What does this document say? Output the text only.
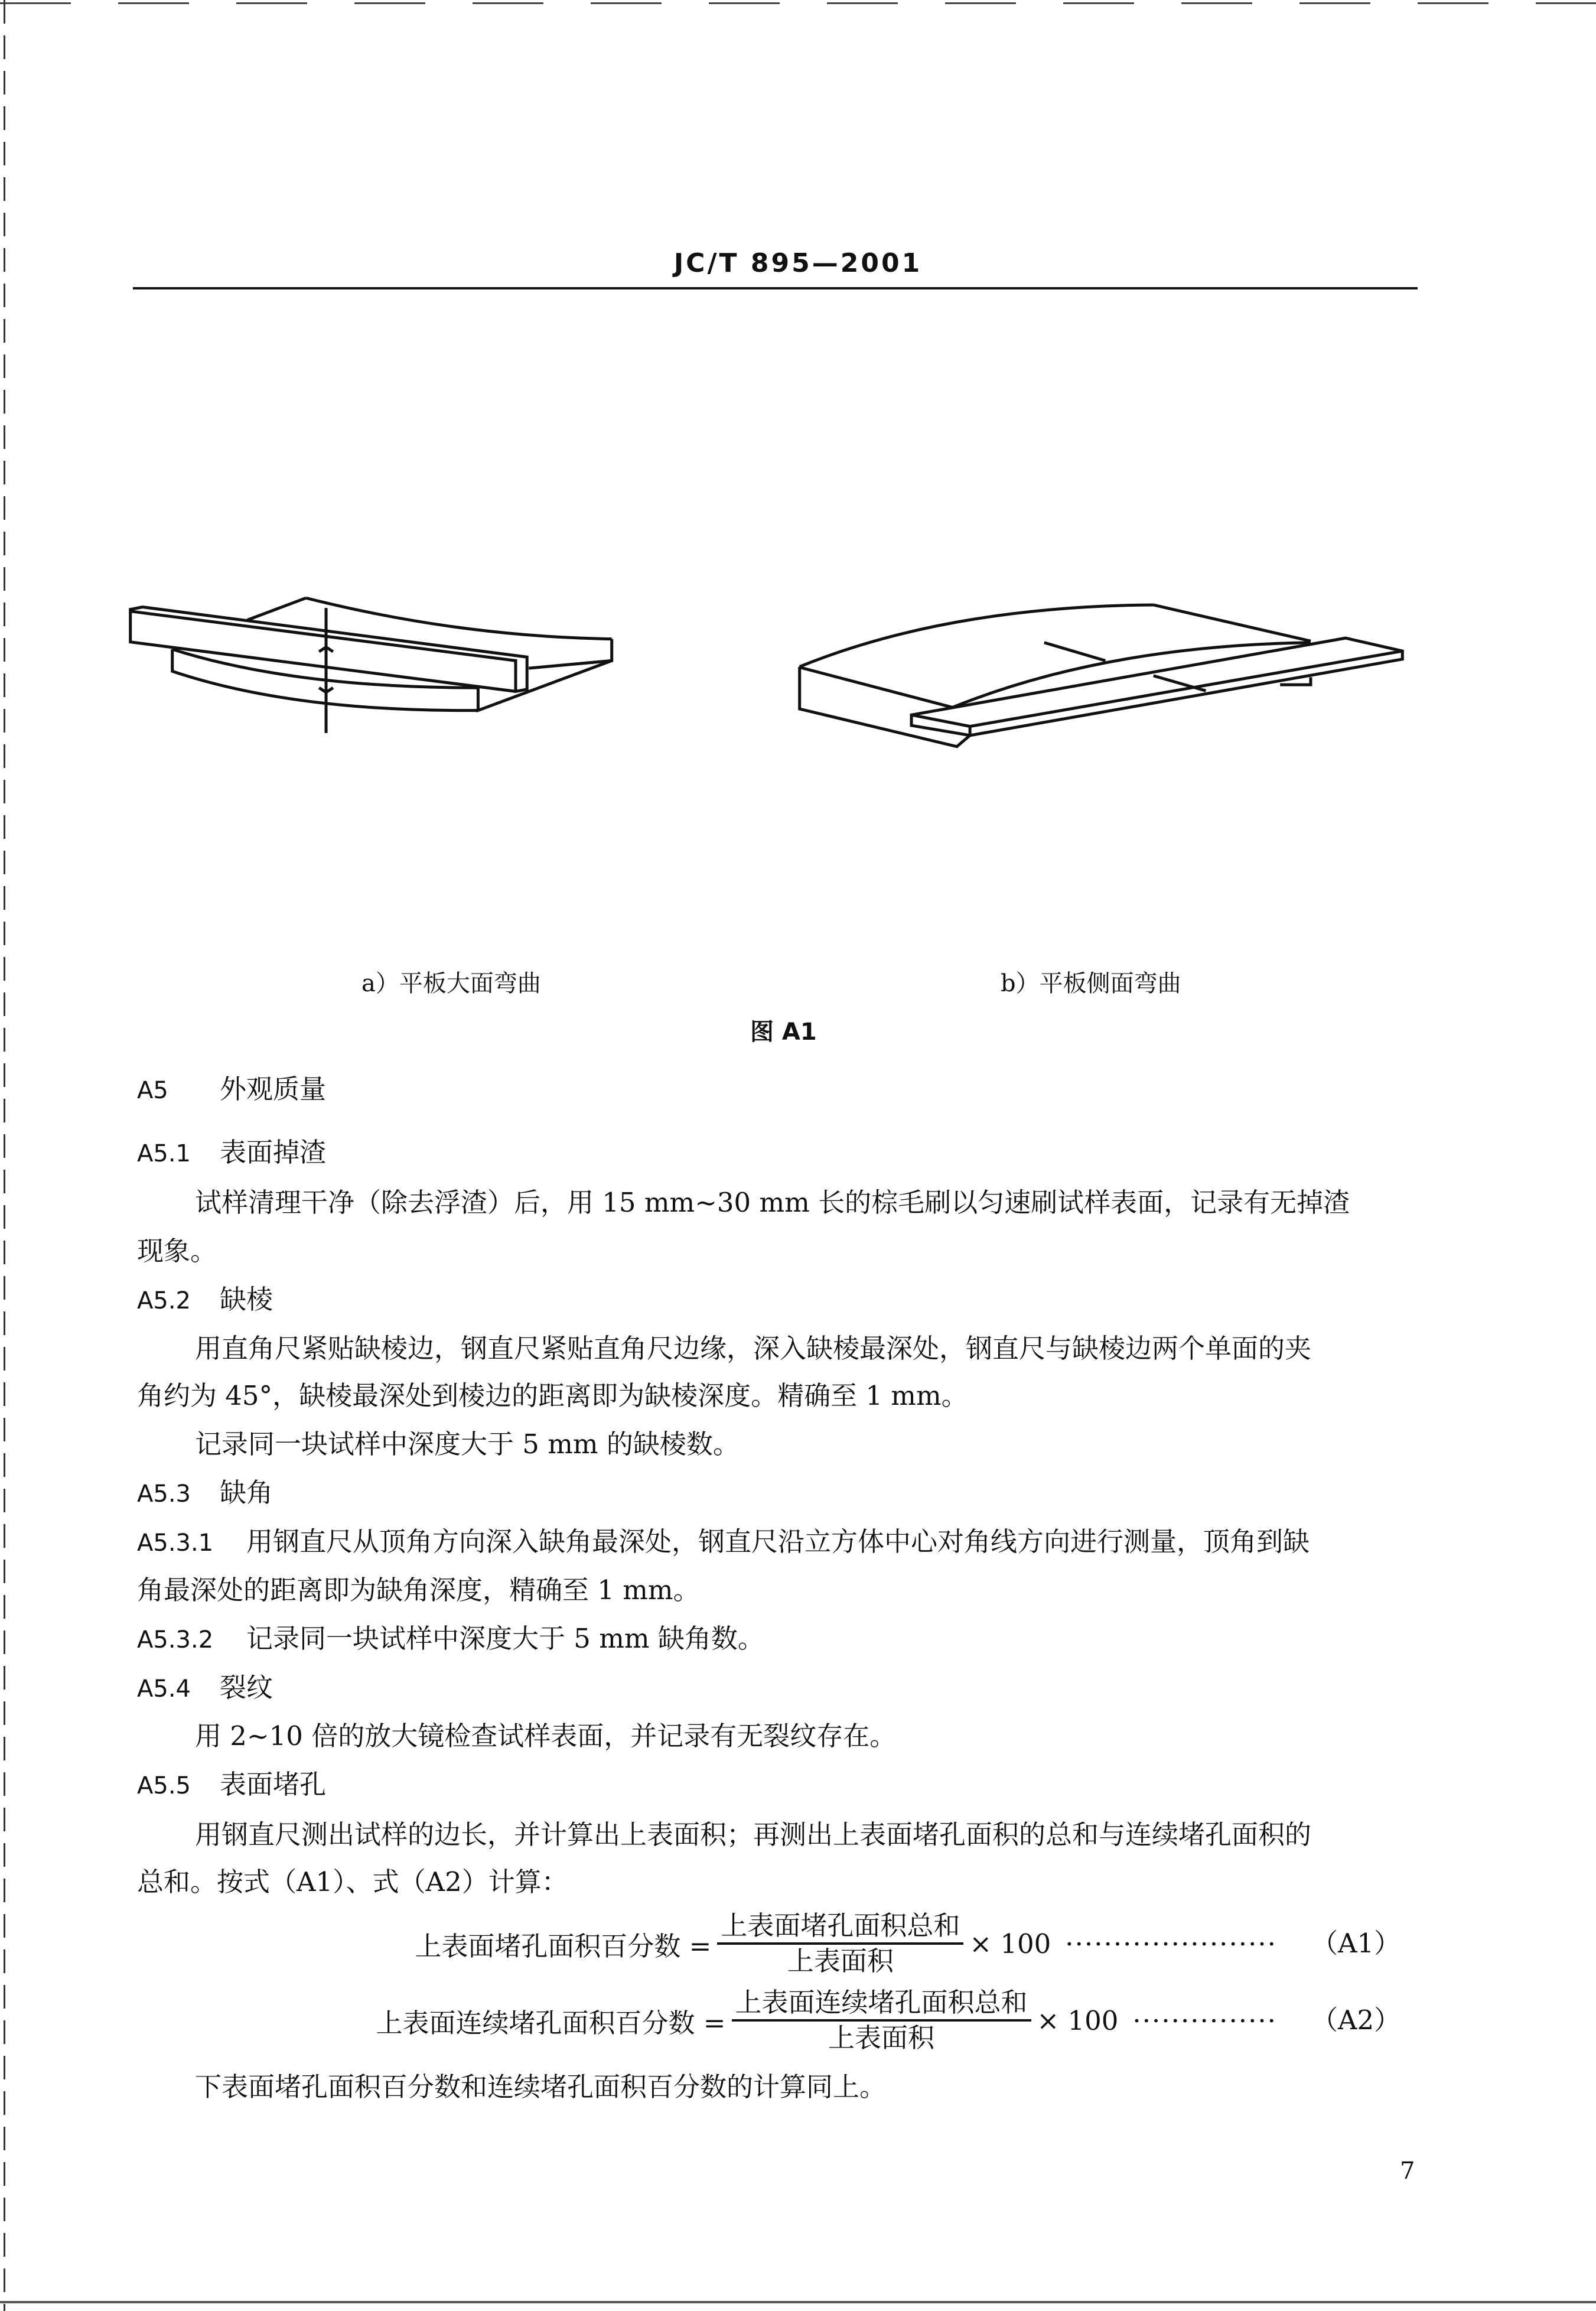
JC/T 895—2001
a）平板大面弯曲	b）平板侧面弯曲
图 A1
A5 外观质量
A5.1 表面掉渣
试样清理干净（除去浮渣）后，用 15 mm~30 mm 长的棕毛刷以匀速刷试样表面，记录有无掉渣
现象。
A5.2 缺棱
用直角尺紧贴缺棱边，钢直尺紧贴直角尺边缘，深入缺棱最深处，钢直尺与缺棱边两个单面的夹
角约为 45°，缺棱最深处到棱边的距离即为缺棱深度。精确至 1 mm。
记录同一块试样中深度大于 5 mm 的缺棱数。
A5.3 缺角
A5.3.1 用钢直尺从顶角方向深入缺角最深处，钢直尺沿立方体中心对角线方向进行测量，顶角到缺
角最深处的距离即为缺角深度，精确至 1 mm。
A5.3.2 记录同一块试样中深度大于 5 mm 缺角数。
A5.4 裂纹
用 2~10 倍的放大镜检查试样表面，并记录有无裂纹存在。
A5.5 表面堵孔
用钢直尺测出试样的边长，并计算出上表面积；再测出上表面堵孔面积的总和与连续堵孔面积的
总和。按式（A1）、式（A2）计算：
上表面堵孔面积百分数 = $\frac{\text{上表面堵孔面积总和}}{\text{上表面积}} \times 100$ ······················ （A1）
上表面连续堵孔面积百分数 = $\frac{\text{上表面连续堵孔面积总和}}{\text{上表面积}} \times 100$ ··············· （A2）
下表面堵孔面积百分数和连续堵孔面积百分数的计算同上。
7
